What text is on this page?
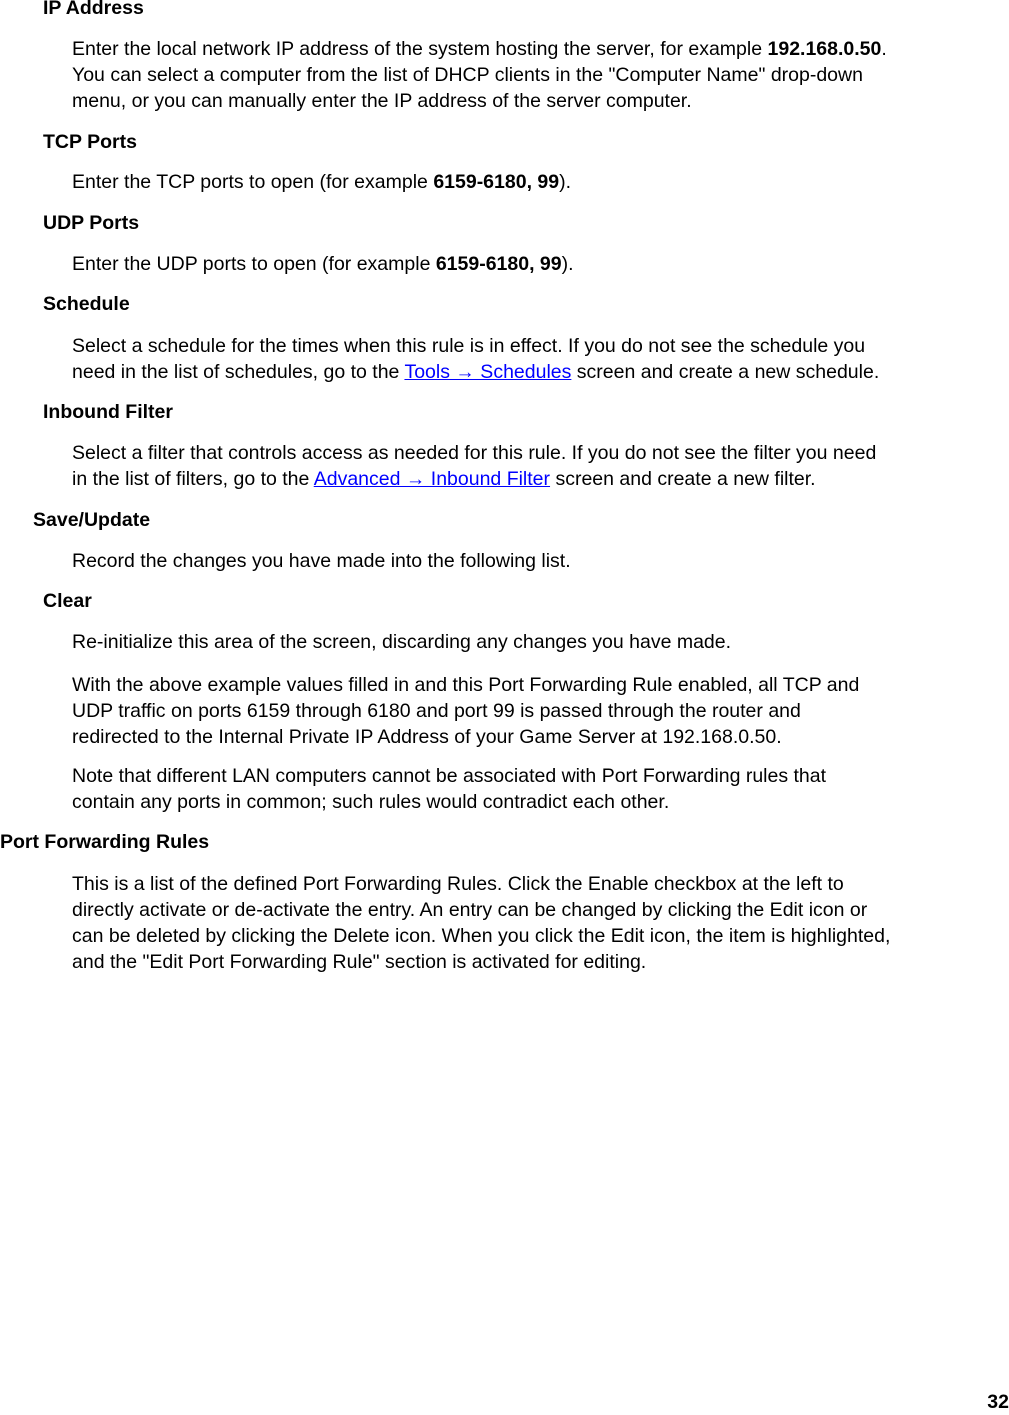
IP Address
Enter the local network IP address of the system hosting the server, for example 192.168.0.50.
You can select a computer from the list of DHCP clients in the "Computer Name" drop-down
menu, or you can manually enter the IP address of the server computer.
TCP Ports
Enter the TCP ports to open (for example 6159-6180, 99).
UDP Ports
Enter the UDP ports to open (for example 6159-6180, 99).
Schedule
Select a schedule for the times when this rule is in effect. If you do not see the schedule you
need in the list of schedules, go to the Tools → Schedules screen and create a new schedule.
Inbound Filter
Select a filter that controls access as needed for this rule. If you do not see the filter you need
in the list of filters, go to the Advanced → Inbound Filter screen and create a new filter.
Save/Update
Record the changes you have made into the following list.
Clear
Re-initialize this area of the screen, discarding any changes you have made.
With the above example values filled in and this Port Forwarding Rule enabled, all TCP and
UDP traffic on ports 6159 through 6180 and port 99 is passed through the router and
redirected to the Internal Private IP Address of your Game Server at 192.168.0.50.
Note that different LAN computers cannot be associated with Port Forwarding rules that
contain any ports in common; such rules would contradict each other.
Port Forwarding Rules
This is a list of the defined Port Forwarding Rules. Click the Enable checkbox at the left to
directly activate or de-activate the entry. An entry can be changed by clicking the Edit icon or
can be deleted by clicking the Delete icon. When you click the Edit icon, the item is highlighted,
and the "Edit Port Forwarding Rule" section is activated for editing.
32
